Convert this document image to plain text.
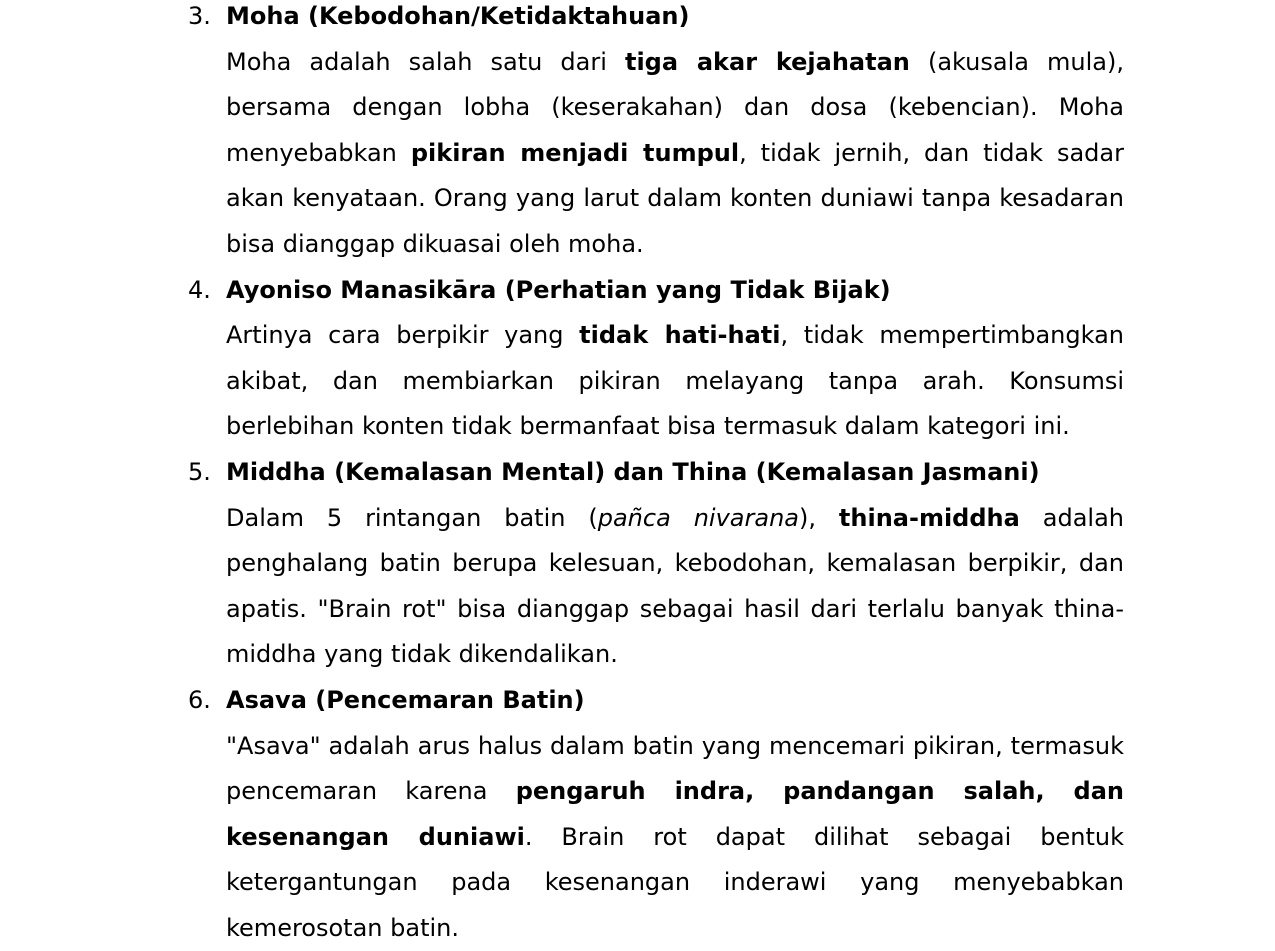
3. Moha (Kebodohan/Ketidaktahuan)

Moha adalah salah satu dari tiga akar kejahatan (akusala mula), bersama dengan lobha (keserakahan) dan dosa (kebencian). Moha menyebabkan pikiran menjadi tumpul, tidak jernih, dan tidak sadar akan kenyataan. Orang yang larut dalam konten duniawi tanpa kesadaran bisa dianggap dikuasai oleh moha.

4. Ayoniso Manasikāra (Perhatian yang Tidak Bijak)

Artinya cara berpikir yang tidak hati-hati, tidak mempertimbangkan akibat, dan membiarkan pikiran melayang tanpa arah. Konsumsi berlebihan konten tidak bermanfaat bisa termasuk dalam kategori ini.

5. Middha (Kemalasan Mental) dan Thina (Kemalasan Jasmani)

Dalam 5 rintangan batin (pañca nivarana), thina-middha adalah penghalang batin berupa kelesuan, kebodohan, kemalasan berpikir, dan apatis. "Brain rot" bisa dianggap sebagai hasil dari terlalu banyak thina-middha yang tidak dikendalikan.

6. Asava (Pencemaran Batin)

"Asava" adalah arus halus dalam batin yang mencemari pikiran, termasuk pencemaran karena pengaruh indra, pandangan salah, dan kesenangan duniawi. Brain rot dapat dilihat sebagai bentuk ketergantungan pada kesenangan inderawi yang menyebabkan kemerosotan batin.
